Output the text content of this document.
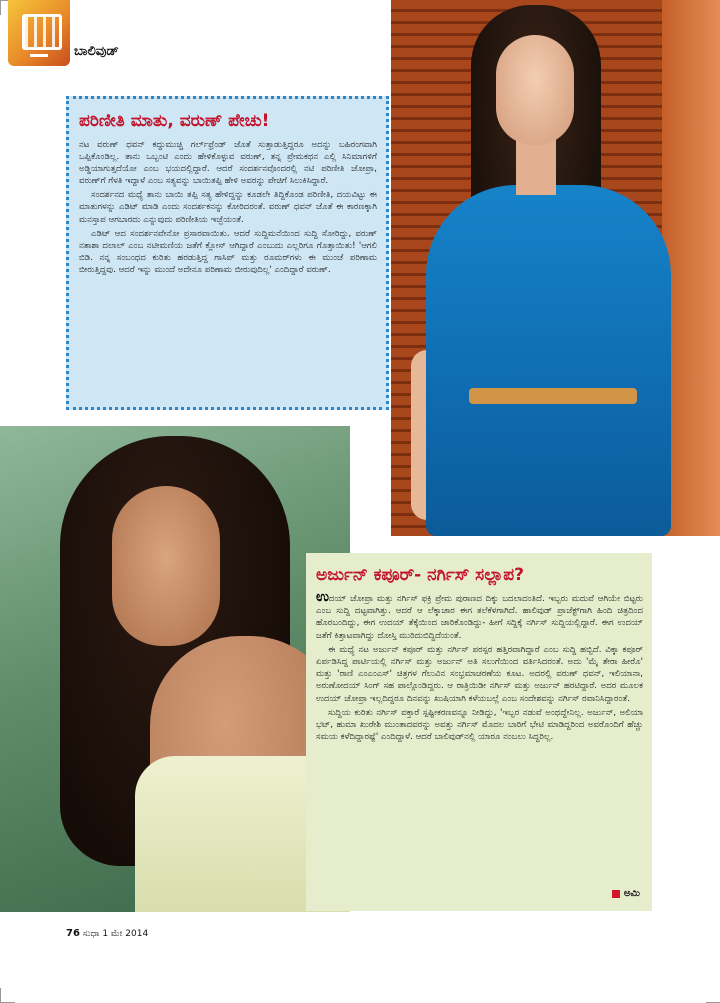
ಬಾಲಿವುಡ್
ಪರಿಣೀತಿ ಮಾತು, ವರುಣ್ ಪೇಚು!

ನಟ ವರುಣ್ ಧವನ್ ಕದ್ದುಮುಚ್ಚಿ ಗರ್ಲ್‌ಫ್ರೆಂಡ್ ಜೊತೆ ಸುತ್ತಾಡುತ್ತಿದ್ದರೂ ಅದನ್ನು ಬಹಿರಂಗವಾಗಿ ಒಪ್ಪಿಕೊಂಡಿಲ್ಲ. ತಾನು ಒಬ್ಬಂಟಿ ಎಂದು ಹೇಳಿಕೊಳ್ಳುವ ವರುಣ್, ತನ್ನ ಪ್ರೇಮಕಥನ ಎಲ್ಲಿ ಸಿನಿಮಾಗಳಿಗೆ ಅಡ್ಡಿಯಾಗುತ್ತದೆಯೋ ಎಂಬ ಭಯದಲ್ಲಿದ್ದಾರೆ. ಆದರೆ ಸಂದರ್ಶನವೊಂದರಲ್ಲಿ ನಟಿ ಪರಿಣೀತಿ ಚೋಪ್ರಾ, ವರುಣ್‌ಗೆ ಗೆಳತಿ ಇದ್ದಾಳೆ ಎಂಬ ಸತ್ಯವನ್ನು ಬಾಯಿತಪ್ಪಿ ಹೇಳಿ ಅವರನ್ನು ಪೇಚಿಗೆ ಸಿಲುಕಿಸಿದ್ದಾರೆ.

ಸಂದರ್ಶನದ ಮಧ್ಯೆ ತಾನು ಬಾಯಿ ತಪ್ಪಿ ಸತ್ಯ ಹೇಳಿದ್ದನ್ನು ಕೂಡಲೇ ತಿದ್ದಿಕೊಂಡ ಪರಿಣೀತಿ, ದಯವಿಟ್ಟು ಈ ಮಾತುಗಳನ್ನು ಎಡಿಟ್ ಮಾಡಿ ಎಂದು ಸಂದರ್ಶಕನನ್ನು ಕೋರಿದರಂತೆ. ವರುಣ್ ಧವನ್ ಜೊತೆ ಈ ಕಾರಣಕ್ಕಾಗಿ ಮನಸ್ತಾಪ ಆಗಬಾರದು ಎನ್ನುವುದು ಪರಿಣೀತಿಯ ಇಚ್ಛೆಯಂತೆ.

ಎಡಿಟ್ ಆದ ಸಂದರ್ಶನವೇನೋ ಪ್ರಸಾರವಾಯಿತು. ಆದರೆ ಸುದ್ದಿಮನೆಯಿಂದ ಸುದ್ದಿ ಸೋರಿದ್ದು, ವರುಣ್ ನತಾಶಾ ದಲಾಲ್ ಎಂಬ ನಟೀಮಣಿಯ ಜತೆಗೆ ಕ್ಲೋಸ್ ಆಗಿದ್ದಾರೆ ಎಂಬುದು ಎಲ್ಲರಿಗೂ ಗೊತ್ತಾಯಿತು! 'ಆಗಲಿ ಬಿಡಿ. ನನ್ನ ಸಂಬಂಧದ ಕುರಿತು ಹರಡುತ್ತಿದ್ದ ಗಾಸಿಪ್ ಮತ್ತು ರೂಮರ್‌ಗಳು ಈ ಮುಂಚೆ ಪರಿಣಾಮ ಬೀರುತ್ತಿದ್ದವು. ಆದರೆ ಇನ್ನು ಮುಂದೆ ಅದೇನೂ ಪರಿಣಾಮ ಬೀರುವುದಿಲ್ಲ' ಎಂದಿದ್ದಾರೆ ವರುಣ್.

ಅರ್ಜುನ್ ಕಪೂರ್- ನರ್ಗಿಸ್ ಸಲ್ಲಾಪ?

ಉದಯ್ ಚೋಪ್ರಾ ಮತ್ತು ನರ್ಗಿಸ್ ಫಕ್ರಿ ಪ್ರೇಮ ಪುರಾಣದ ದಿಕ್ಕು ಬದಲಾದಂತಿದೆ. ಇಬ್ಬರು ಮದುವೆ ಆಗಿಯೇ ಬಿಟ್ಟರು ಎಂಬ ಸುದ್ದಿ ದಟ್ಟವಾಗಿತ್ತು. ಆದರೆ ಆ ಲೆಕ್ಕಾಚಾರ ಈಗ ತಲೆಕೆಳಗಾಗಿದೆ. ಹಾಲಿವುಡ್ ಪ್ರಾಜೆಕ್ಟ್‌ಗಾಗಿ ಹಿಂದಿ ಚಿತ್ರದಿಂದ ಹೊರಬಂದಿದ್ದು, ಈಗ ಉದಯ್ ತೆಕ್ಕೆಯಿಂದ ಜಾರಿಕೊಂಡಿದ್ದು- ಹೀಗೆ ಸದ್ದಿಕ್ಕೆ ನರ್ಗಿಸ್ ಸುದ್ದಿಯಲ್ಲಿದ್ದಾರೆ. ಈಗ ಉದಯ್ ಜತೆಗೆ ಕಿತ್ತಾಟವಾಗಿದ್ದು ದೋಸ್ತಿ ಮುರಿದುಬಿದ್ದಿದೆಯಂತೆ.

ಈ ಮಧ್ಯೆ ನಟ ಅರ್ಜುನ್ ಕಪೂರ್ ಮತ್ತು ನರ್ಗಿಸ್ ಪರಸ್ಪರ ಹತ್ತಿರವಾಗಿದ್ದಾರೆ ಎಂಬ ಸುದ್ದಿ ಹಬ್ಬಿದೆ. ವಿಕ್ಕಾ ಕಪೂರ್ ಏರ್ಪಡಿಸಿದ್ದ ಪಾರ್ಟಿಯಲ್ಲಿ ನರ್ಗಿಸ್ ಮತ್ತು ಅರ್ಜುನ್ ಅತಿ ಸಲುಗೆಯಿಂದ ವರ್ತಿಸಿದರಂತೆ. ಅದು 'ಮೈ ತೇರಾ ಹೀರೊ' ಮತ್ತು 'ರಾಣಿ ಎಂಎಂಎಸ್' ಚಿತ್ರಗಳ ಗೆಲುವಿನ ಸಂಭ್ರಮಾಚರಣೆಯ ಕೂಟ. ಅದರಲ್ಲಿ ವರುಣ್ ಧವನ್, ಇಲಿಯಾನಾ, ಅರುಣೋದಯ್ ಸಿಂಗ್ ಸಹ ಪಾಲ್ಗೊಂಡಿದ್ದರು. ಆ ರಾತ್ರಿಯಿಡೀ ನರ್ಗಿಸ್ ಮತ್ತು ಅರ್ಜುನ್ ಹರಟಿದ್ದಾರೆ. ಅದರ ಮೂಲಕ ಉದಯ್ ಚೋಪ್ರಾ ಇಲ್ಲದಿದ್ದರೂ ದಿನವನ್ನು ಖುಷಿಯಾಗಿ ಕಳೆಯಬಲ್ಲೆ ಎಂಬ ಸಂದೇಶವನ್ನು ನರ್ಗಿಸ್ ರವಾನಿಸಿದ್ದಾರಂತೆ.

ಸುದ್ದಿಯ ಕುರಿತು ನರ್ಗಿಸ್ ವಕ್ತಾರೆ ಸ್ಪಷ್ಟೀಕರಣವನ್ನೂ ನೀಡಿದ್ದು, 'ಇಬ್ಬರ ನಡುವೆ ಅಂಥದ್ದೇನಿಲ್ಲ. ಅರ್ಜುನ್, ಅಲಿಯಾ ಭಟ್, ಹುಮಾ ಖುರೇಶಿ ಮುಂತಾದವರನ್ನು ಅವತ್ತು ನರ್ಗಿಸ್ ಮೊದಲ ಬಾರಿಗೆ ಭೇಟಿ ಮಾಡಿದ್ದರಿಂದ ಅವರೊಂದಿಗೆ ಹೆಚ್ಚು ಸಮಯ ಕಳೆದಿದ್ದಾರಷ್ಟೆ' ಎಂದಿದ್ದಾಳೆ. ಆದರೆ ಬಾಲಿವುಡ್‌ನಲ್ಲಿ ಯಾರೂ ನಂಬಲು ಸಿದ್ಧರಿಲ್ಲ.

ಅಮಿ
76 ಸುಧಾ 1 ಮೇ 2014
